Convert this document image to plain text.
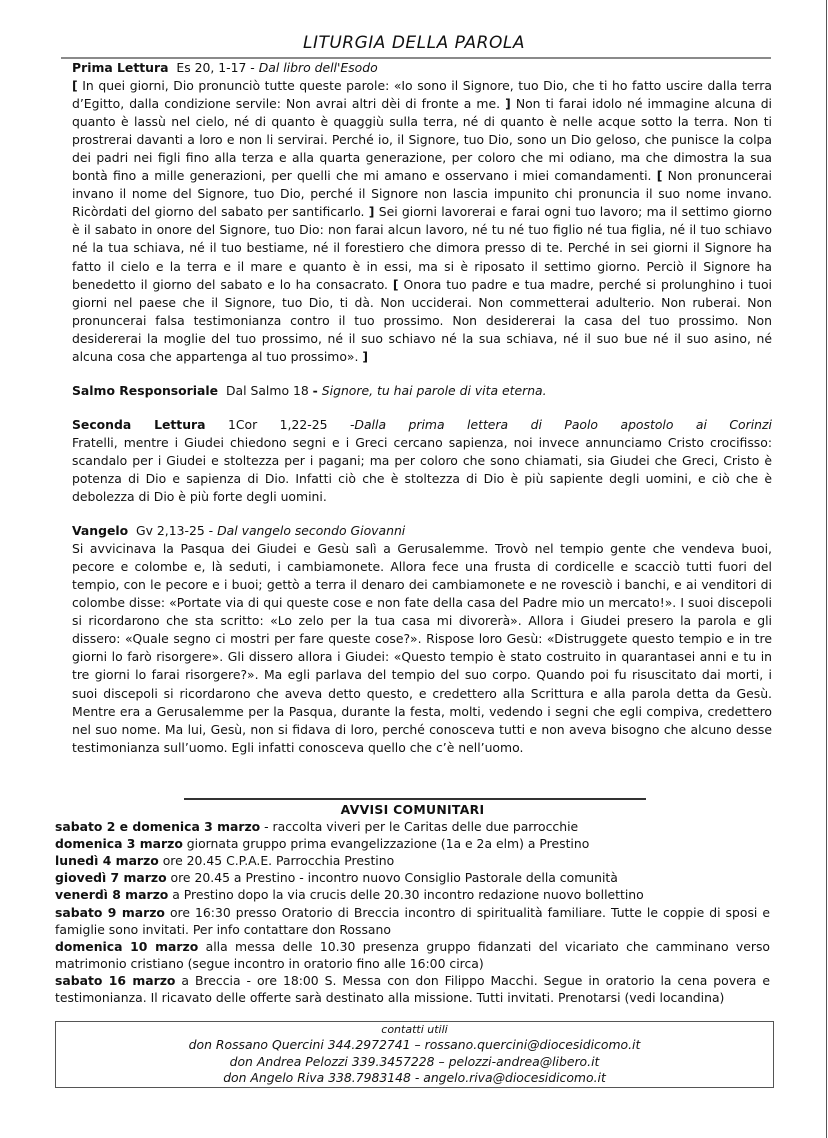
LITURGIA DELLA PAROLA
Prima Lettura Es 20, 1-17 - Dal libro dell'Esodo
[ In quei giorni, Dio pronunciò tutte queste parole: «Io sono il Signore, tuo Dio, che ti ho fatto uscire dalla terra d’Egitto, dalla condizione servile: Non avrai altri dèi di fronte a me. ] Non ti farai idolo né immagine alcuna di quanto è lassù nel cielo, né di quanto è quaggiù sulla terra, né di quanto è nelle acque sotto la terra. Non ti prostrerai davanti a loro e non li servirai. Perché io, il Signore, tuo Dio, sono un Dio geloso, che punisce la colpa dei padri nei figli fino alla terza e alla quarta generazione, per coloro che mi odiano, ma che dimostra la sua bontà fino a mille generazioni, per quelli che mi amano e osservano i miei comandamenti. [ Non pronuncerai invano il nome del Signore, tuo Dio, perché il Signore non lascia impunito chi pronuncia il suo nome invano. Ricòrdati del giorno del sabato per santificarlo. ] Sei giorni lavorerai e farai ogni tuo lavoro; ma il settimo giorno è il sabato in onore del Signore, tuo Dio: non farai alcun lavoro, né tu né tuo figlio né tua figlia, né il tuo schiavo né la tua schiava, né il tuo bestiame, né il forestiero che dimora presso di te. Perché in sei giorni il Signore ha fatto il cielo e la terra e il mare e quanto è in essi, ma si è riposato il settimo giorno. Perciò il Signore ha benedetto il giorno del sabato e lo ha consacrato. [ Onora tuo padre e tua madre, perché si prolunghino i tuoi giorni nel paese che il Signore, tuo Dio, ti dà. Non ucciderai. Non commetterai adulterio. Non ruberai. Non pronuncerai falsa testimonianza contro il tuo prossimo. Non desidererai la casa del tuo prossimo. Non desidererai la moglie del tuo prossimo, né il suo schiavo né la sua schiava, né il suo bue né il suo asino, né alcuna cosa che appartenga al tuo prossimo». ]
Salmo Responsoriale Dal Salmo 18 - Signore, tu hai parole di vita eterna.
Seconda Lettura 1Cor 1,22-25 -Dalla prima lettera di Paolo apostolo ai Corinzi
Fratelli, mentre i Giudei chiedono segni e i Greci cercano sapienza, noi invece annunciamo Cristo crocifisso: scandalo per i Giudei e stoltezza per i pagani; ma per coloro che sono chiamati, sia Giudei che Greci, Cristo è potenza di Dio e sapienza di Dio. Infatti ciò che è stoltezza di Dio è più sapiente degli uomini, e ciò che è debolezza di Dio è più forte degli uomini.
Vangelo Gv 2,13-25 - Dal vangelo secondo Giovanni
Si avvicinava la Pasqua dei Giudei e Gesù salì a Gerusalemme. Trovò nel tempio gente che vendeva buoi, pecore e colombe e, là seduti, i cambiamonete. Allora fece una frusta di cordicelle e scacciò tutti fuori del tempio, con le pecore e i buoi; gettò a terra il denaro dei cambiamonete e ne rovesciò i banchi, e ai venditori di colombe disse: «Portate via di qui queste cose e non fate della casa del Padre mio un mercato!». I suoi discepoli si ricordarono che sta scritto: «Lo zelo per la tua casa mi divorerà». Allora i Giudei presero la parola e gli dissero: «Quale segno ci mostri per fare queste cose?». Rispose loro Gesù: «Distruggete questo tempio e in tre giorni lo farò risorgere». Gli dissero allora i Giudei: «Questo tempio è stato costruito in quarantasei anni e tu in tre giorni lo farai risorgere?». Ma egli parlava del tempio del suo corpo. Quando poi fu risuscitato dai morti, i suoi discepoli si ricordarono che aveva detto questo, e credettero alla Scrittura e alla parola detta da Gesù. Mentre era a Gerusalemme per la Pasqua, durante la festa, molti, vedendo i segni che egli compiva, credettero nel suo nome. Ma lui, Gesù, non si fidava di loro, perché conosceva tutti e non aveva bisogno che alcuno desse testimonianza sull’uomo. Egli infatti conosceva quello che c’è nell’uomo.
AVVISI COMUNITARI

sabato 2 e domenica 3 marzo - raccolta viveri per le Caritas delle due parrocchie

domenica 3 marzo giornata gruppo prima evangelizzazione (1a e 2a elm) a Prestino

lunedì 4 marzo ore 20.45 C.P.A.E. Parrocchia Prestino

giovedì 7 marzo ore 20.45 a Prestino - incontro nuovo Consiglio Pastorale della comunità

venerdì 8 marzo a Prestino dopo la via crucis delle 20.30 incontro redazione nuovo bollettino

sabato 9 marzo ore 16:30 presso Oratorio di Breccia incontro di spiritualità familiare. Tutte le coppie di sposi e famiglie sono invitati. Per info contattare don Rossano

domenica 10 marzo alla messa delle 10.30 presenza gruppo fidanzati del vicariato che camminano verso matrimonio cristiano (segue incontro in oratorio fino alle 16:00 circa)

sabato 16 marzo a Breccia - ore 18:00 S. Messa con don Filippo Macchi. Segue in oratorio la cena povera e testimonianza. Il ricavato delle offerte sarà destinato alla missione. Tutti invitati. Prenotarsi (vedi locandina)

contatti utili
don Rossano Quercini 344.2972741 – rossano.quercini@diocesidicomo.it
don Andrea Pelozzi 339.3457228 – pelozzi-andrea@libero.it
don Angelo Riva 338.7983148 - angelo.riva@diocesidicomo.it
